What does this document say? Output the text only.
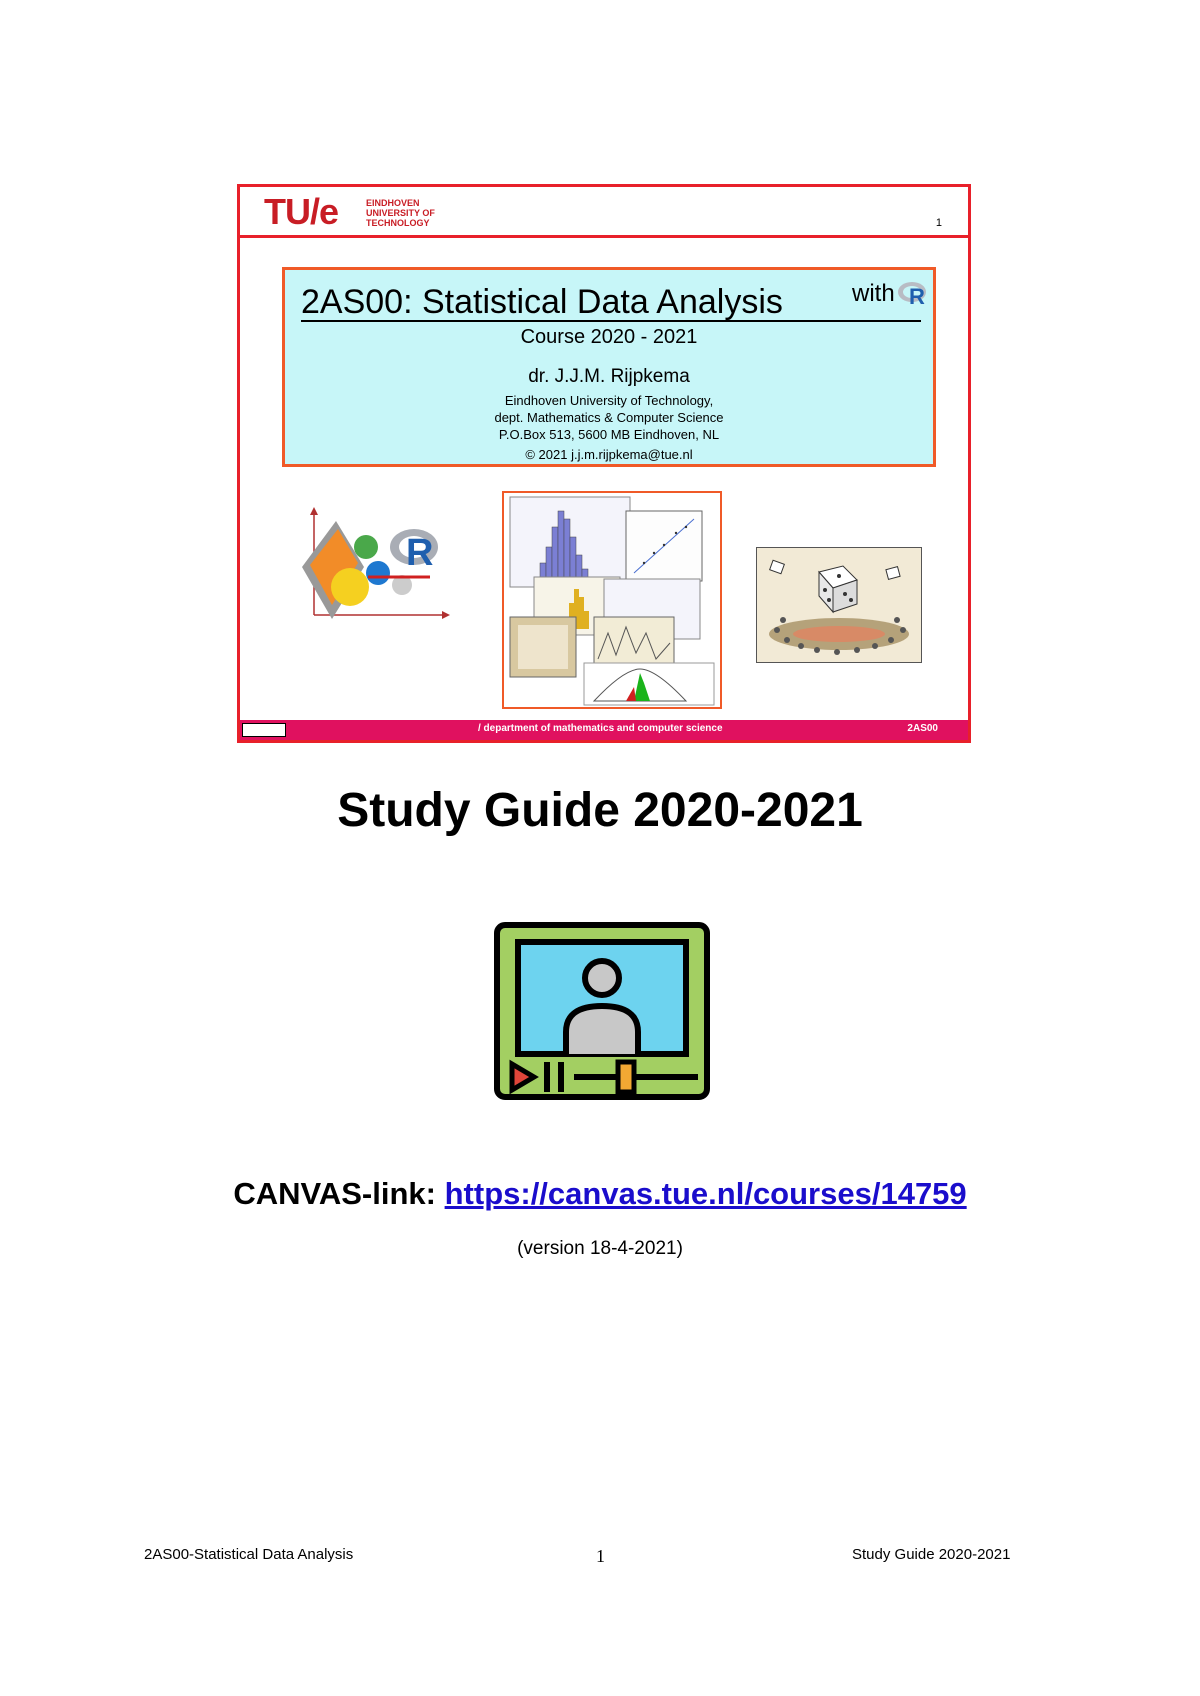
TU/e	EINDHOVEN
UNIVERSITY OF
TECHNOLOGY	1
2AS00: Statistical Data Analysis	with R
Course 2020 - 2021
dr. J.J.M. Rijpkema
Eindhoven University of Technology,
dept. Mathematics & Computer Science
P.O.Box 513, 5600 MB Eindhoven, NL
© 2021 j.j.m.rijpkema@tue.nl
R
/ department of mathematics and computer science	2AS00
Study Guide 2020-2021
CANVAS-link: https://canvas.tue.nl/courses/14759
(version 18-4-2021)
2AS00-Statistical Data Analysis	1	Study Guide 2020-2021
